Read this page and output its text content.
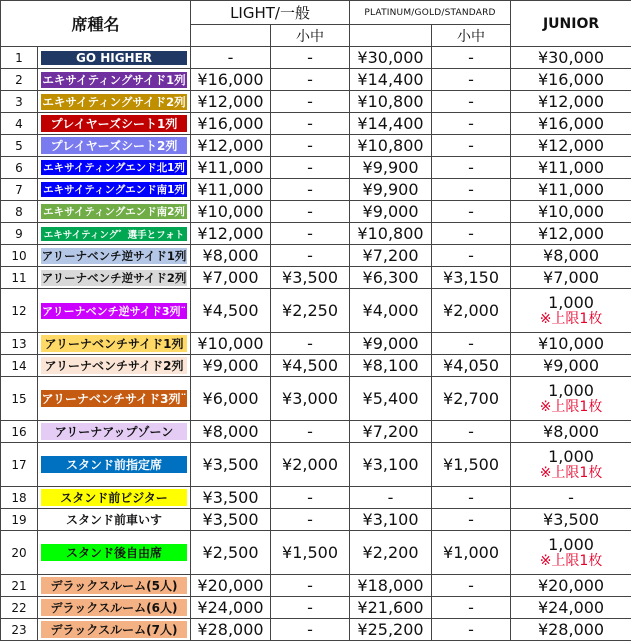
席種名		LIGHT/一般		PLATINUM/GOLD/STANDARD		JUNIOR
			小中		小中	
1	GO HIGHER	-	-	¥30,000	-	¥30,000

2	エキサイティングサイド1列	¥16,000	-	¥14,400	-	¥16,000

3	エキサイティングサイド2列	¥12,000	-	¥10,800	-	¥12,000

4	プレイヤーズシート1列	¥16,000	-	¥14,400	-	¥16,000

5	プレイヤーズシート2列	¥12,000	-	¥10,800	-	¥12,000

6	エキサイティングエンド北1列	¥11,000	-	¥9,900	-	¥11,000

7	エキサイティングエンド南1列	¥11,000	-	¥9,900	-	¥11,000

8	エキサイティングエンド南2列	¥10,000	-	¥9,000	-	¥10,000

9	エキサイティング゛選手とフォト	¥12,000	-	¥10,800	-	¥12,000

10	アリーナベンチ逆サイド1列	¥8,000	-	¥7,200	-	¥8,000

11	アリーナベンチ逆サイド2列	¥7,000	¥3,500	¥6,300	¥3,150	¥7,000

12	アリーナベンチ逆サイド3列¨	¥4,500	¥2,250	¥4,000	¥2,000	1,000
※上限1枚

13	アリーナベンチサイド1列	¥10,000	-	¥9,000	-	¥10,000

14	アリーナベンチサイド2列	¥9,000	¥4,500	¥8,100	¥4,050	¥9,000

15	アリーナベンチサイド3列¨	¥6,000	¥3,000	¥5,400	¥2,700	1,000
※上限1枚

16	アリーナアップゾーン	¥8,000	-	¥7,200	-	¥8,000

17	スタンド前指定席	¥3,500	¥2,000	¥3,100	¥1,500	1,000
※上限1枚

18	スタンド前ビジター	¥3,500	-	-	-	-

19	スタンド前車いす	¥3,500	-	¥3,100	-	¥3,500

20	スタンド後自由席	¥2,500	¥1,500	¥2,200	¥1,000	1,000
※上限1枚

21	デラックスルーム(5人)	¥20,000	-	¥18,000	-	¥20,000

22	デラックスルーム(6人)	¥24,000	-	¥21,600	-	¥24,000

23	デラックスルーム(7人)	¥28,000	-	¥25,200	-	¥28,000
